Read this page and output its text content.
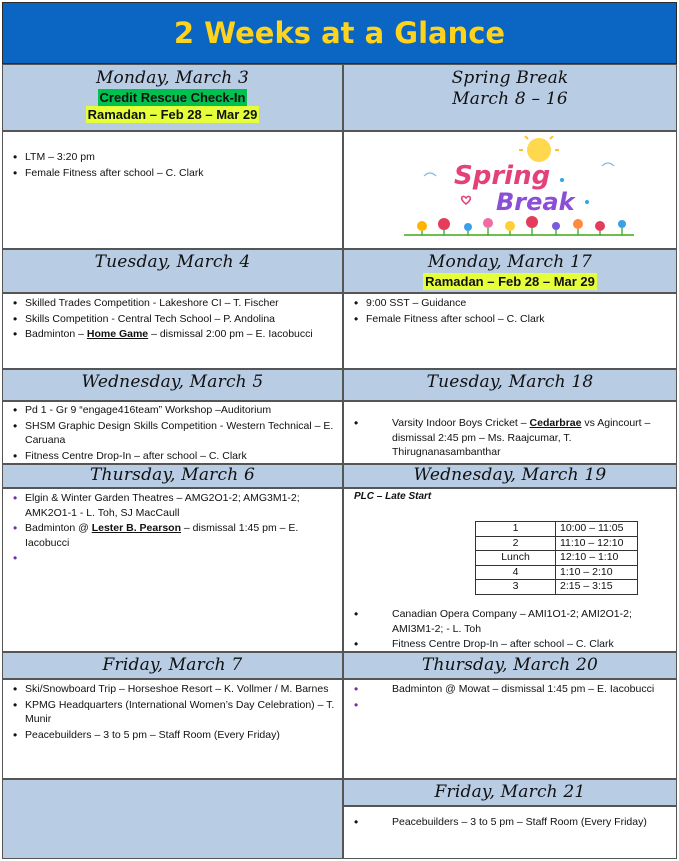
2 Weeks at a Glance
Monday, March 3
Credit Rescue Check-In
Ramadan – Feb 28 – Mar 29
• LTM – 3:20 pm
• Female Fitness after school – C. Clark
Tuesday, March 4
• Skilled Trades Competition - Lakeshore CI – T. Fischer
• Skills Competition - Central Tech School – P. Andolina
• Badminton – Home Game – dismissal 2:00 pm – E. Iacobucci
Wednesday, March 5
• Pd 1 - Gr 9 “engage416team” Workshop –Auditorium
• SHSM Graphic Design Skills Competition - Western Technical – E. Caruana
• Fitness Centre Drop-In – after school – C. Clark
Thursday, March 6
• Elgin & Winter Garden Theatres – AMG2O1-2; AMG3M1-2; AMK2O1-1 - L. Toh, SJ MacCaull
• Badminton @ Lester B. Pearson – dismissal 1:45 pm – E. Iacobucci
•
Friday, March 7
• Ski/Snowboard Trip – Horseshoe Resort – K. Vollmer / M. Barnes
• KPMG Headquarters (International Women’s Day Celebration) – T. Munir
• Peacebuilders – 3 to 5 pm – Staff Room (Every Friday)
Spring Break
March 8 – 16
Spring
Break
Monday, March 17
Ramadan – Feb 28 – Mar 29
• 9:00 SST – Guidance
• Female Fitness after school – C. Clark
Tuesday, March 18
• Varsity Indoor Boys Cricket – Cedarbrae vs Agincourt – dismissal 2:45 pm – Ms. Raajcumar, T. Thirugnanasambanthar
Wednesday, March 19
PLC – Late Start
1	10:00 – 11:05
2	11:10 – 12:10
Lunch	12:10 – 1:10
4	1:10 – 2:10
3	2:15 – 3:15
• Canadian Opera Company – AMI1O1-2; AMI2O1-2; AMI3M1-2; - L. Toh
• Fitness Centre Drop-In – after school – C. Clark
Thursday, March 20
• Badminton @ Mowat – dismissal 1:45 pm – E. Iacobucci
•
Friday, March 21
• Peacebuilders – 3 to 5 pm – Staff Room (Every Friday)
